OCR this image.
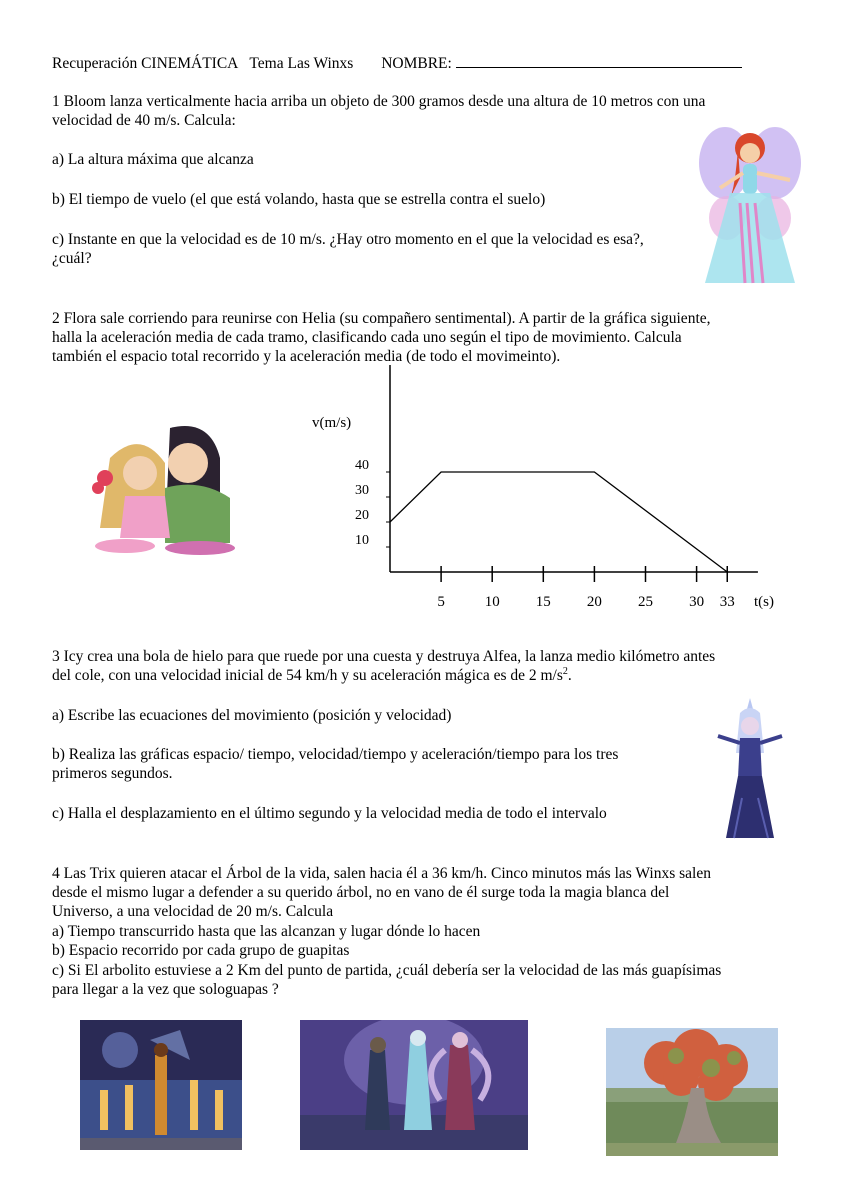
Recuperación CINEMÁTICA Tema Las Winxs NOMBRE:
1 Bloom lanza verticalmente hacia arriba un objeto de 300 gramos desde una altura de 10 metros con una
velocidad de 40 m/s. Calcula:
a) La altura máxima que alcanza
b) El tiempo de vuelo (el que está volando, hasta que se estrella contra el suelo)
c) Instante en que la velocidad es de 10 m/s. ¿Hay otro momento en el que la velocidad es esa?,
¿cuál?
2 Flora sale corriendo para reunirse con Helia (su compañero sentimental). A partir de la gráfica siguiente,
halla la aceleración media de cada tramo, clasificando cada uno según el tipo de movimiento. Calcula
también el espacio total recorrido y la aceleración media (de todo el movimeinto).
v(m/s)
t(s)
10
20
30
40
5	10 15 20 25 30 33
3 Icy crea una bola de hielo para que ruede por una cuesta y destruya Alfea, la lanza medio kilómetro antes
del cole, con una velocidad inicial de 54 km/h y su aceleración mágica es de 2 $m/s^2$.
a) Escribe las ecuaciones del movimiento (posición y velocidad)
b) Realiza las gráficas espacio/ tiempo, velocidad/tiempo y aceleración/tiempo para los tres
primeros segundos.
c) Halla el desplazamiento en el último segundo y la velocidad media de todo el intervalo
4 Las Trix quieren atacar el Árbol de la vida, salen hacia él a 36 km/h. Cinco minutos más las Winxs salen
desde el mismo lugar a defender a su querido árbol, no en vano de él surge toda la magia blanca del
Universo, a una velocidad de 20 m/s. Calcula
a) Tiempo transcurrido hasta que las alcanzan y lugar dónde lo hacen
b) Espacio recorrido por cada grupo de guapitas
c) Si El arbolito estuviese a 2 Km del punto de partida, ¿cuál debería ser la velocidad de las más guapísimas
para llegar a la vez que sologuapas ?
